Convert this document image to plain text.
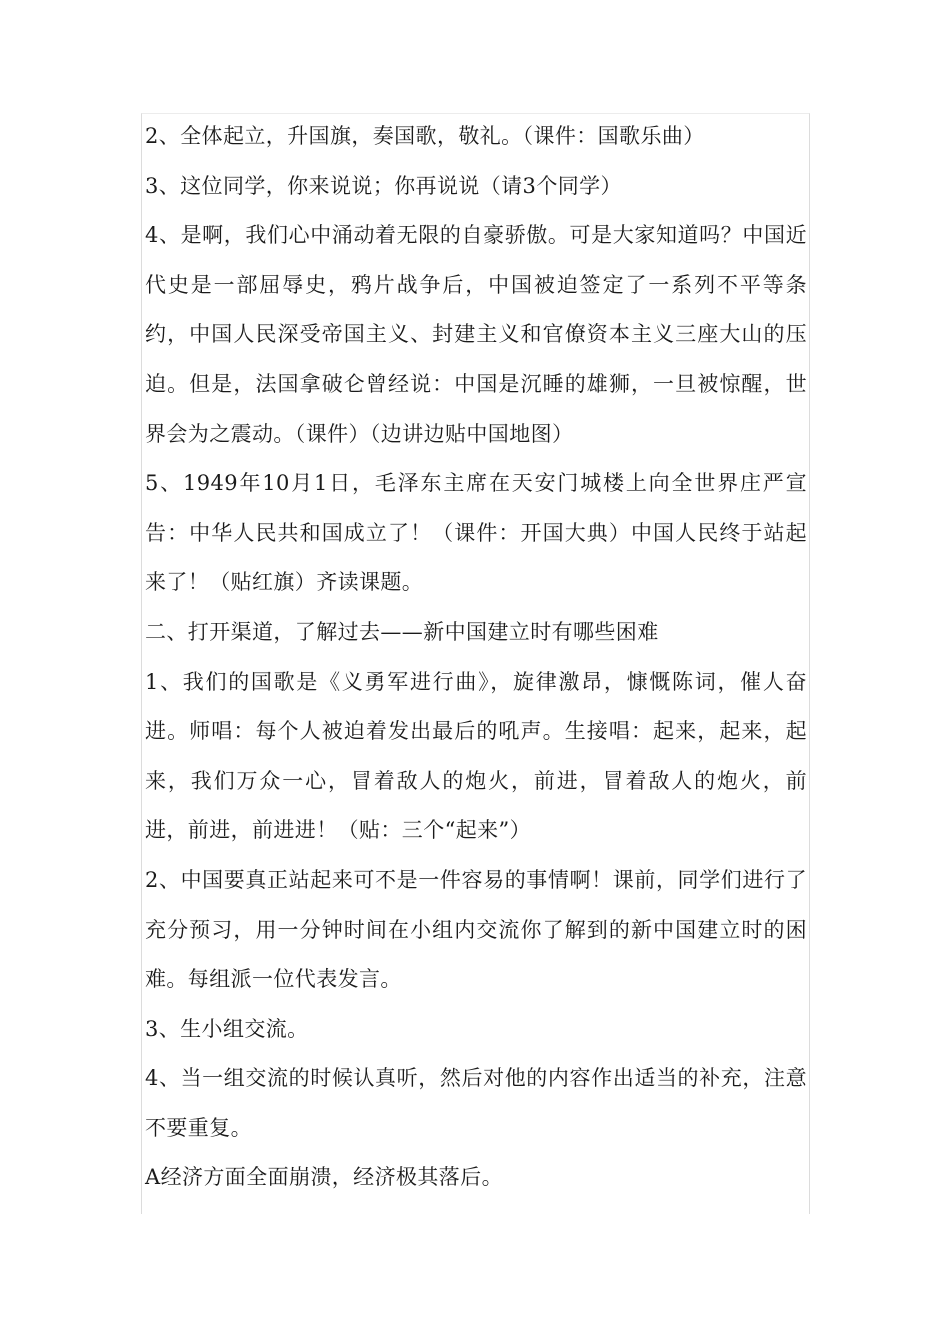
2、全体起立，升国旗，奏国歌，敬礼。（课件：国歌乐曲）

3、这位同学，你来说说；你再说说（请3个同学）

4、是啊，我们心中涌动着无限的自豪骄傲。可是大家知道吗？中国近代史是一部屈辱史，鸦片战争后，中国被迫签定了一系列不平等条约，中国人民深受帝国主义、封建主义和官僚资本主义三座大山的压迫。但是，法国拿破仑曾经说：中国是沉睡的雄狮，一旦被惊醒，世界会为之震动。（课件）（边讲边贴中国地图）

5、1949年10月1日，毛泽东主席在天安门城楼上向全世界庄严宣告：中华人民共和国成立了！（课件：开国大典）中国人民终于站起来了！（贴红旗）齐读课题。

二、打开渠道，了解过去——新中国建立时有哪些困难

1、我们的国歌是《义勇军进行曲》，旋律激昂，慷慨陈词，催人奋进。师唱：每个人被迫着发出最后的吼声。生接唱：起来，起来，起来，我们万众一心，冒着敌人的炮火，前进，冒着敌人的炮火，前进，前进，前进进！（贴：三个“起来”）

2、中国要真正站起来可不是一件容易的事情啊！课前，同学们进行了充分预习，用一分钟时间在小组内交流你了解到的新中国建立时的困难。每组派一位代表发言。

3、生小组交流。

4、当一组交流的时候认真听，然后对他的内容作出适当的补充，注意不要重复。

A经济方面全面崩溃，经济极其落后。
